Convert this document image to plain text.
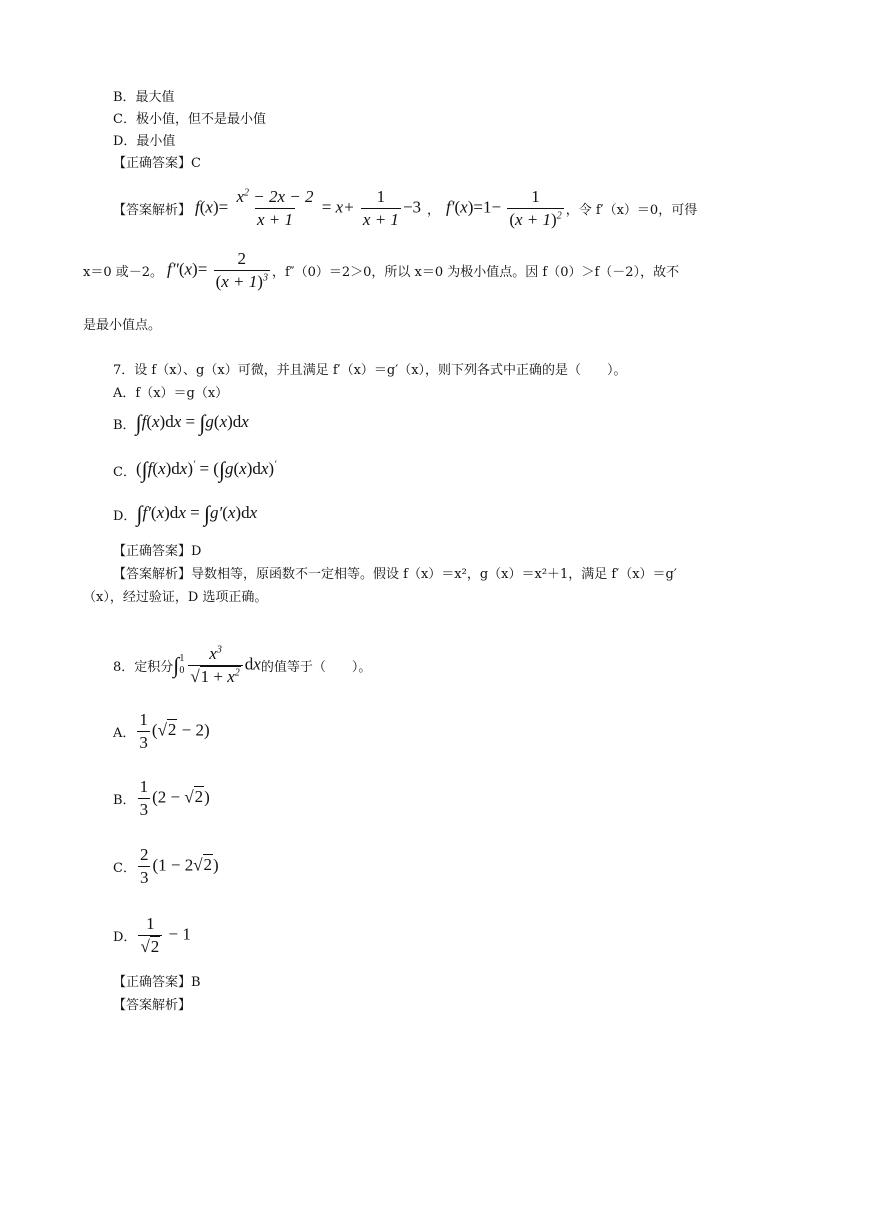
B．最大值
C．极小值，但不是最小值
D．最小值
【正确答案】C
【答案解析】 $f(x)= \frac{x^2 - 2x - 2}{x + 1} = x+ \frac{1}{x + 1} -3$ ， $f'(x)=1- \frac{1}{(x + 1)^2}$ ，令 f′（x）＝0，可得
x＝0 或－2。 $f''(x)= \frac{2}{(x + 1)^3}$ ，f″（0）＝2＞0，所以 x＝0 为极小值点。因 f（0）＞f（－2），故不
是最小值点。
7．设 f（x）、g（x）可微，并且满足 f′（x）＝g′（x），则下列各式中正确的是（　　）。
A．f（x）＝g（x）
B． ∫f(x)dx = ∫g(x)dx
C． (∫f(x)dx)′ = (∫g(x)dx)′
D． ∫f′(x)dx = ∫g′(x)dx
【正确答案】D
【答案解析】导数相等，原函数不一定相等。假设 f（x）＝x²，g（x）＝x²＋1，满足 f′（x）＝g′
（x），经过验证，D 选项正确。
8．定积分 ∫ 1
$0 \frac{x^3}{√1 + x^2}$ dx 的值等于（　　）。
A． $\frac{1}{3} (√2 - 2)$
B． $\frac{1}{3} (2 - √2)$
C． $\frac{2}{3} (1 - 2√2)$
D． $\frac{1}{√2} - 1$
【正确答案】B
【答案解析】
